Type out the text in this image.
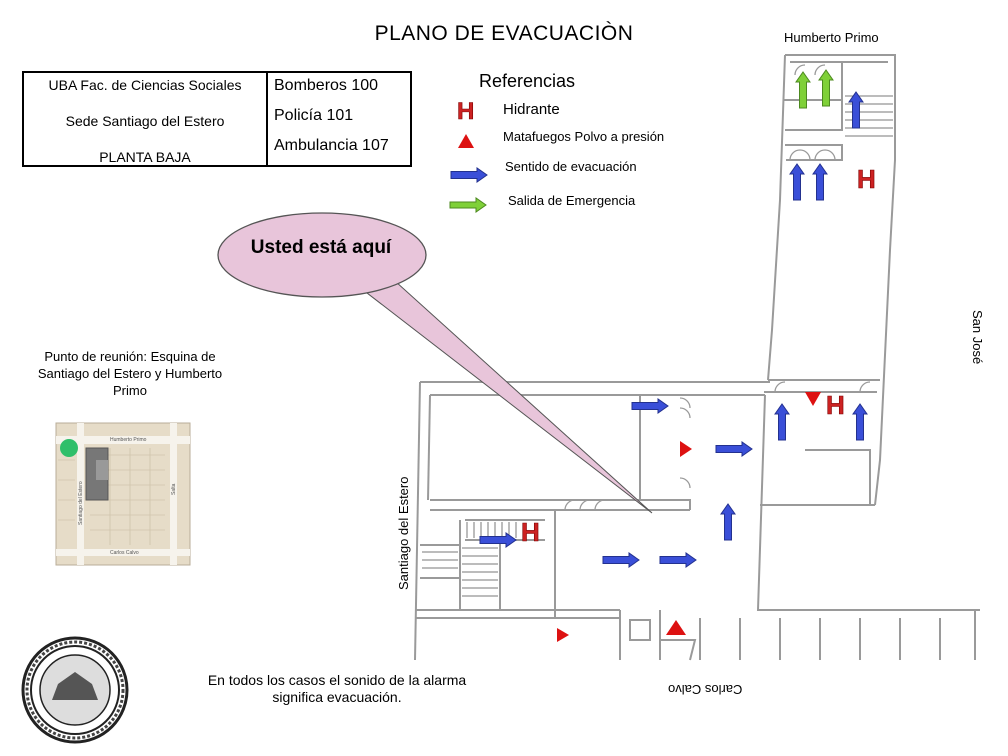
PLANO DE EVACUACIÒN	Humberto Primo
San José
Carlos Calvo
Santiago del Estero
UBA Fac. de Ciencias Sociales
Sede Santiago del Estero
PLANTA BAJA
Bomberos 100
Policía 101
Ambulancia 107
Referencias
Hidrante
Matafuegos Polvo a presión
Sentido de evacuación
Salida de Emergencia
H
H
H
H
Usted está aquí
Punto de reunión: Esquina de Santiago del Estero y Humberto Primo
En todos los casos el sonido de la alarma significa evacuación.
Humberto Primo
Carlos Calvo
Santiago del Estero	Salta
